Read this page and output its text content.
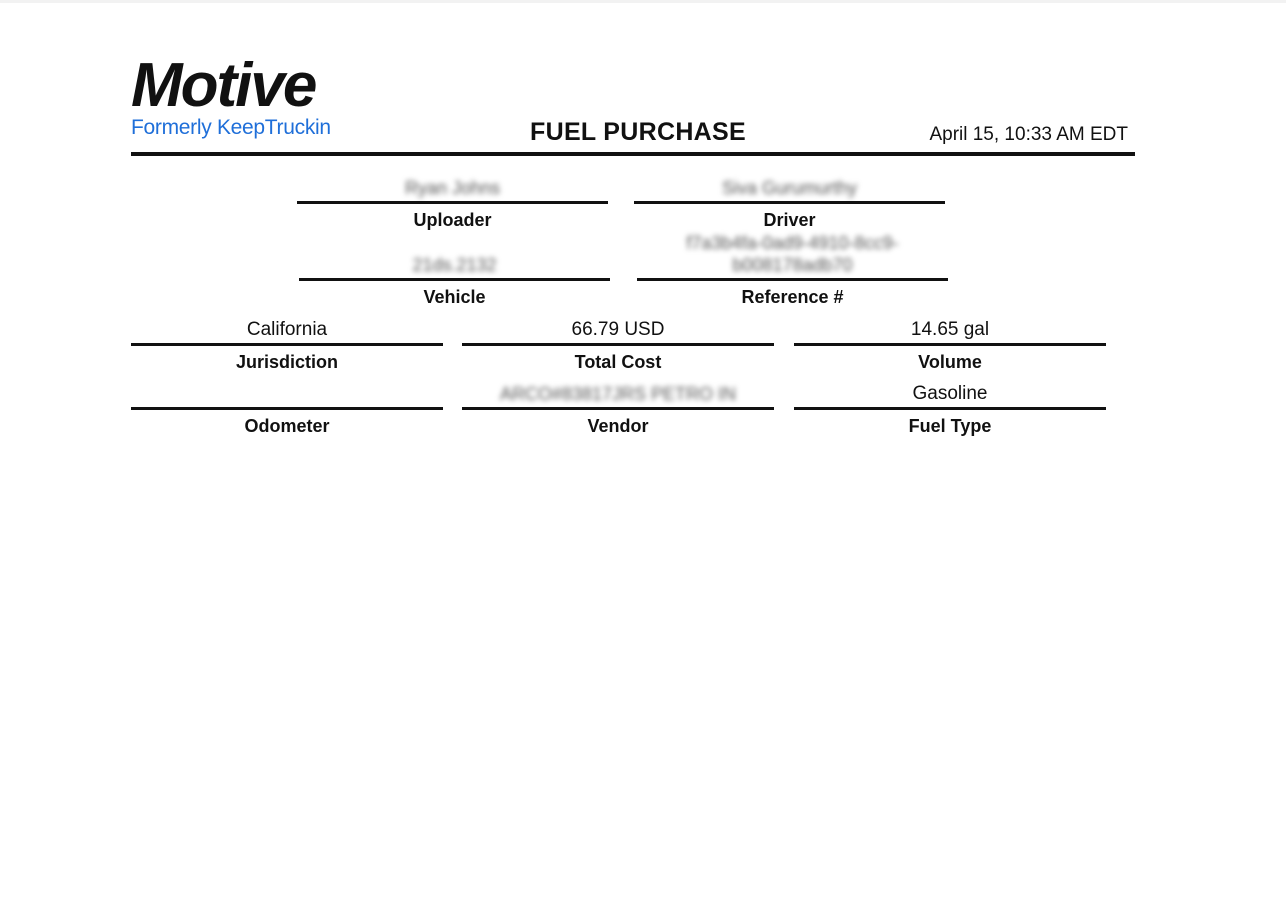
Motive
Formerly KeepTruckin	FUEL PURCHASE	April 15, 10:33 AM EDT
Ryan Johns
Uploader
Siva Gurumurthy
Driver
21ds.2132
Vehicle
f7a3b4fa-0ad9-4910-8cc9-
b008178adb70
Reference #
California
Jurisdiction
66.79 USD
Total Cost
14.65 gal
Volume
Odometer
ARCO#83817JRS PETRO IN
Vendor
Gasoline
Fuel Type
